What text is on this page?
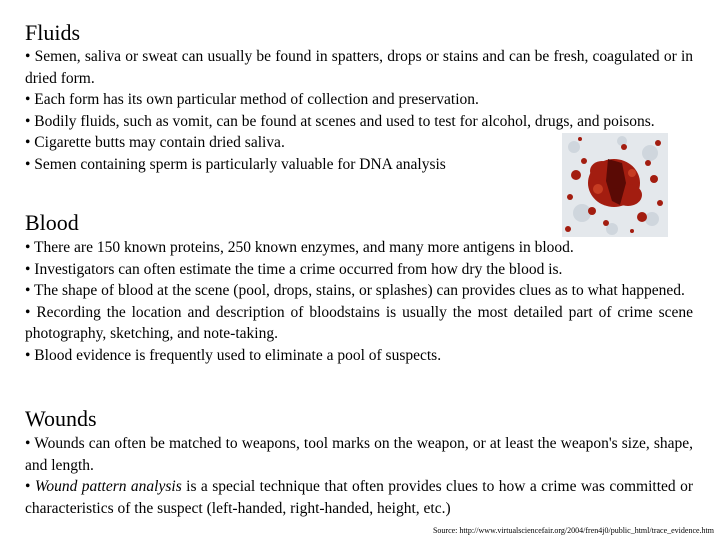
Fluids

• Semen, saliva or sweat can usually be found in spatters, drops or stains and can be fresh, coagulated or in dried form.

• Each form has its own particular method of collection and preservation.

• Bodily fluids, such as vomit, can be found at scenes and used to test for alcohol, drugs, and poisons.

• Cigarette butts may contain dried saliva.

• Semen containing sperm is particularly valuable for DNA analysis

Blood

• There are 150 known proteins, 250 known enzymes, and many more antigens in blood.

• Investigators can often estimate the time a crime occurred from how dry the blood is.

• The shape of blood at the scene (pool, drops, stains, or splashes) can provides clues as to what happened.

• Recording the location and description of bloodstains is usually the most detailed part of crime scene photography, sketching, and note-taking.

• Blood evidence is frequently used to eliminate a pool of suspects.

Wounds

• Wounds can often be matched to weapons, tool marks on the weapon, or at least the weapon's size, shape, and length.

• Wound pattern analysis is a special technique that often provides clues to how a crime was committed or characteristics of the suspect (left-handed, right-handed, height, etc.)

Source: http://www.virtualsciencefair.org/2004/fren4j0/public_html/trace_evidence.htm
